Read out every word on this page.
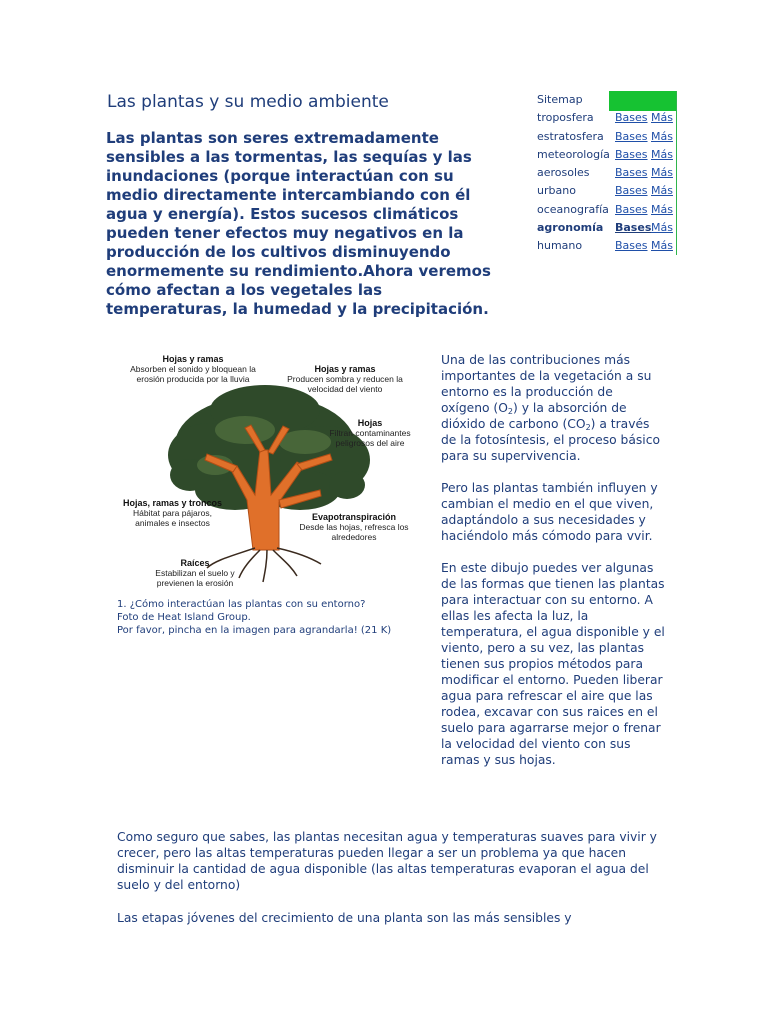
Las plantas y su medio ambiente
Las plantas son seres extremadamente sensibles a las tormentas, las sequías y las inundaciones (porque interactúan con su medio directamente intercambiando con él agua y energía). Estos sucesos climáticos pueden tener efectos muy negativos en la producción de los cultivos disminuyendo enormemente su rendimiento.Ahora veremos cómo afectan a los vegetales las temperaturas, la humedad y la precipitación.
Sitemap
troposfera Bases Más
estratosfera Bases Más
meteorología Bases Más
aerosoles Bases Más
urbano	Bases Más
oceanografía Bases Más
agronomía Bases Más
humano	Bases Más
Hojas y ramas
Absorben el sonido y bloquean la erosión producida por la lluvia
Hojas y ramas
Producen sombra y reducen la velocidad del viento
Hojas
Filtran contaminantes peligrosos del aire
Hojas, ramas y troncos
Hábitat para pájaros, animales e insectos
Evapotranspiración
Desde las hojas, refresca los alrededores
Raíces
Estabilizan el suelo y previenen la erosión
1. ¿Cómo interactúan las plantas con su entorno?
Foto de Heat Island Group.
Por favor, pincha en la imagen para agrandarla! (21 K)

Una de las contribuciones más importantes de la vegetación a su entorno es la producción de oxígeno $(O_2)$ y la absorción de dióxido de carbono $(CO_2)$ a través de la fotosíntesis, el proceso básico para su supervivencia.

Pero las plantas también influyen y cambian el medio en el que viven, adaptándolo a sus necesidades y haciéndolo más cómodo para vvir.

En este dibujo puedes ver algunas de las formas que tienen las plantas para interactuar con su entorno. A ellas les afecta la luz, la temperatura, el agua disponible y el viento, pero a su vez, las plantas tienen sus propios métodos para modificar el entorno. Pueden liberar agua para refrescar el aire que las rodea, excavar con sus raices en el suelo para agarrarse mejor o frenar la velocidad del viento con sus ramas y sus hojas.

Como seguro que sabes, las plantas necesitan agua y temperaturas suaves para vivir y crecer, pero las altas temperaturas pueden llegar a ser un problema ya que hacen disminuir la cantidad de agua disponible (las altas temperaturas evaporan el agua del suelo y del entorno)

Las etapas jóvenes del crecimiento de una planta son las más sensibles y
